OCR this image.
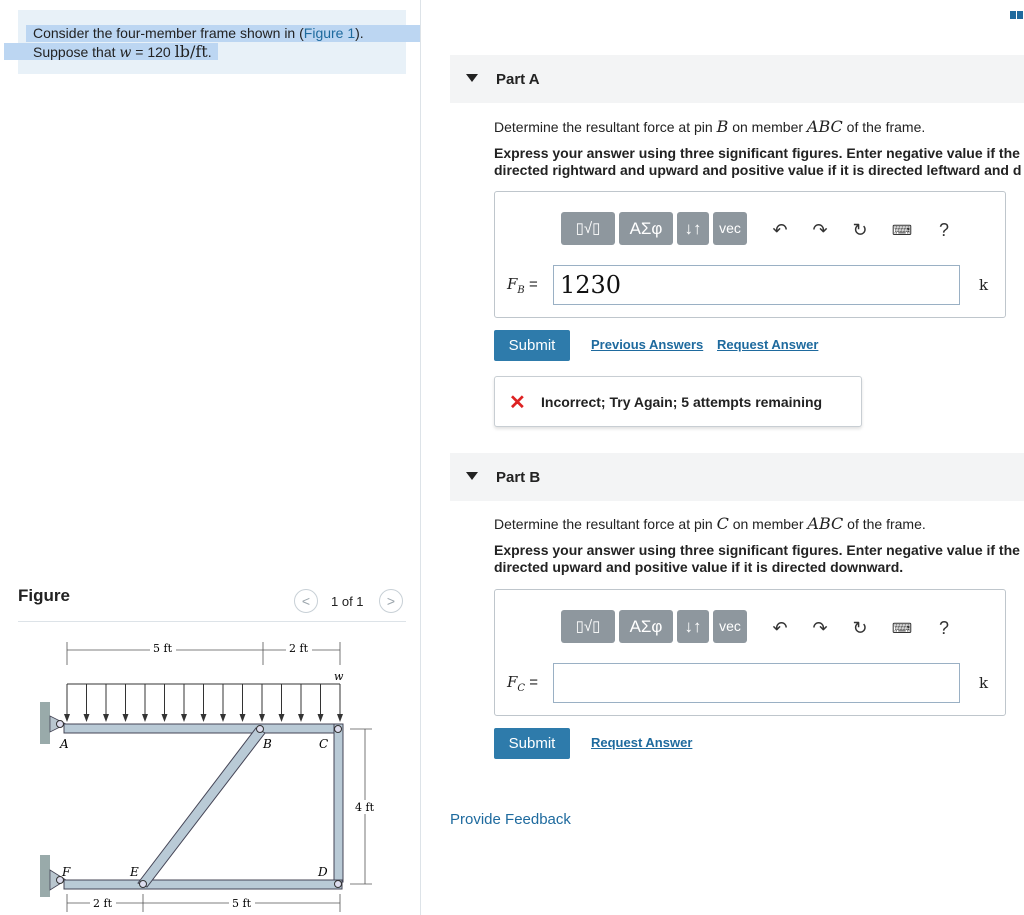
Consider the four-member frame shown in (Figure 1).
Suppose that w = 120 lb/ft.
Figure	<	1 of 1	>
5 ft	2 ft
w
A	B	C
D
E
F
4 ft
2 ft	5 ft
Part A
Determine the resultant force at pin B on member ABC of the frame.
Express your answer using three significant figures. Enter negative value if the
directed rightward and upward and positive value if it is directed leftward and d
▯√▯	ΑΣφ	↓↑	vec	↶	↷	↻	⌨	?
$F_B = 1230$	k
Submit	Previous Answers Request Answer
✕ Incorrect; Try Again; 5 attempts remaining
Part B
Determine the resultant force at pin C on member ABC of the frame.
Express your answer using three significant figures. Enter negative value if the
directed upward and positive value if it is directed downward.
▯√▯	ΑΣφ	↓↑	vec	↶	↷	↻	⌨	?
$F_C$ =	k
Submit	Request Answer
Provide Feedback
